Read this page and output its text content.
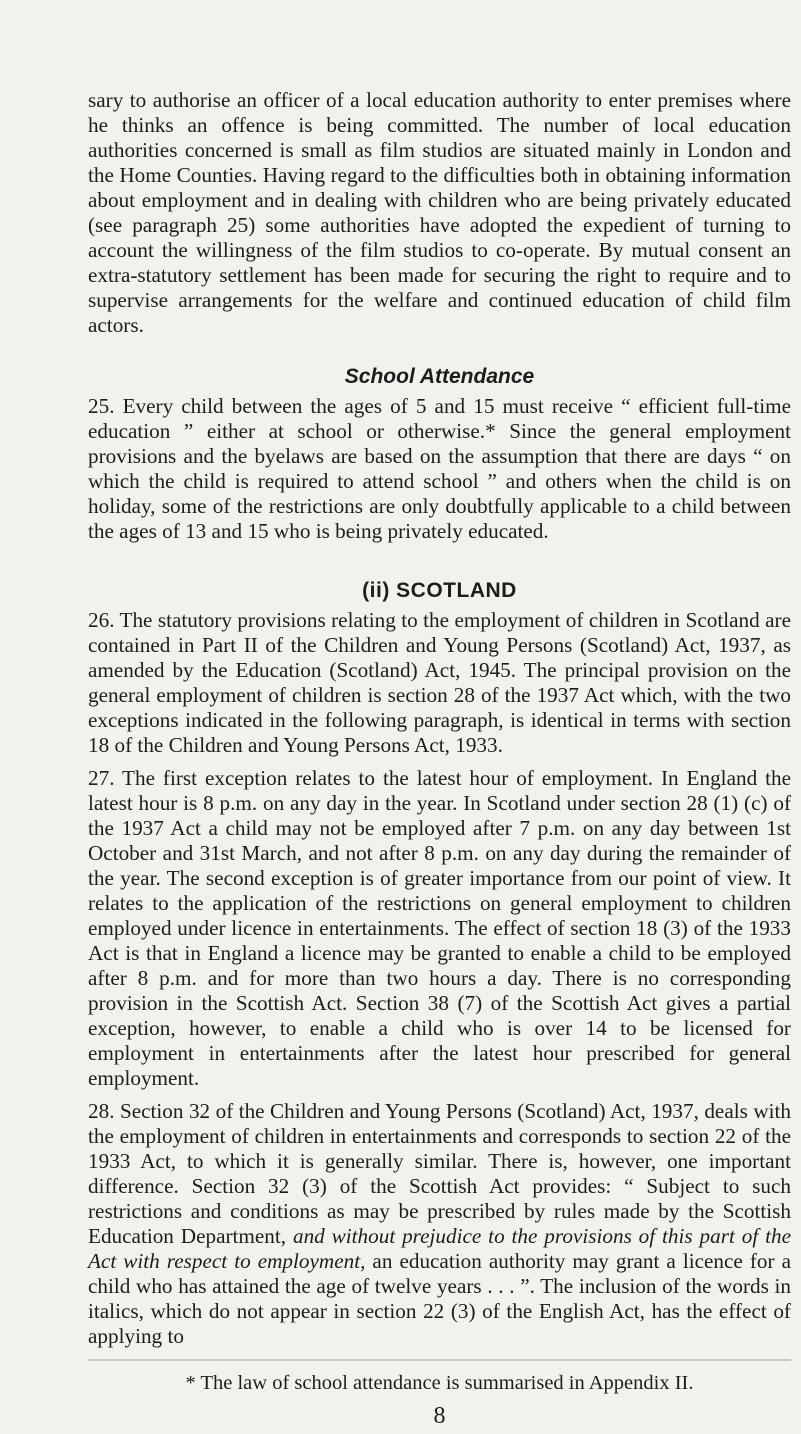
sary to authorise an officer of a local education authority to enter premises where he thinks an offence is being committed. The number of local education authorities concerned is small as film studios are situated mainly in London and the Home Counties. Having regard to the difficulties both in obtaining information about employment and in dealing with children who are being privately educated (see paragraph 25) some authorities have adopted the expedient of turning to account the willingness of the film studios to co-operate. By mutual consent an extra-statutory settlement has been made for securing the right to require and to supervise arrangements for the welfare and continued education of child film actors.

School Attendance

25. Every child between the ages of 5 and 15 must receive “ efficient full-time education ” either at school or otherwise.* Since the general employment provisions and the byelaws are based on the assumption that there are days “ on which the child is required to attend school ” and others when the child is on holiday, some of the restrictions are only doubtfully applicable to a child between the ages of 13 and 15 who is being privately educated.

(ii) SCOTLAND

26. The statutory provisions relating to the employment of children in Scotland are contained in Part II of the Children and Young Persons (Scotland) Act, 1937, as amended by the Education (Scotland) Act, 1945. The principal provision on the general employment of children is section 28 of the 1937 Act which, with the two exceptions indicated in the following paragraph, is identical in terms with section 18 of the Children and Young Persons Act, 1933.

27. The first exception relates to the latest hour of employment. In England the latest hour is 8 p.m. on any day in the year. In Scotland under section 28 (1) (c) of the 1937 Act a child may not be employed after 7 p.m. on any day between 1st October and 31st March, and not after 8 p.m. on any day during the remainder of the year. The second exception is of greater importance from our point of view. It relates to the application of the restrictions on general employment to children employed under licence in entertainments. The effect of section 18 (3) of the 1933 Act is that in England a licence may be granted to enable a child to be employed after 8 p.m. and for more than two hours a day. There is no corresponding provision in the Scottish Act. Section 38 (7) of the Scottish Act gives a partial exception, however, to enable a child who is over 14 to be licensed for employment in entertainments after the latest hour prescribed for general employment.

28. Section 32 of the Children and Young Persons (Scotland) Act, 1937, deals with the employment of children in entertainments and corresponds to section 22 of the 1933 Act, to which it is generally similar. There is, however, one important difference. Section 32 (3) of the Scottish Act provides: “ Subject to such restrictions and conditions as may be prescribed by rules made by the Scottish Education Department, and without prejudice to the provisions of this part of the Act with respect to employment, an education authority may grant a licence for a child who has attained the age of twelve years . . . ”. The inclusion of the words in italics, which do not appear in section 22 (3) of the English Act, has the effect of applying to

* The law of school attendance is summarised in Appendix II.

8
